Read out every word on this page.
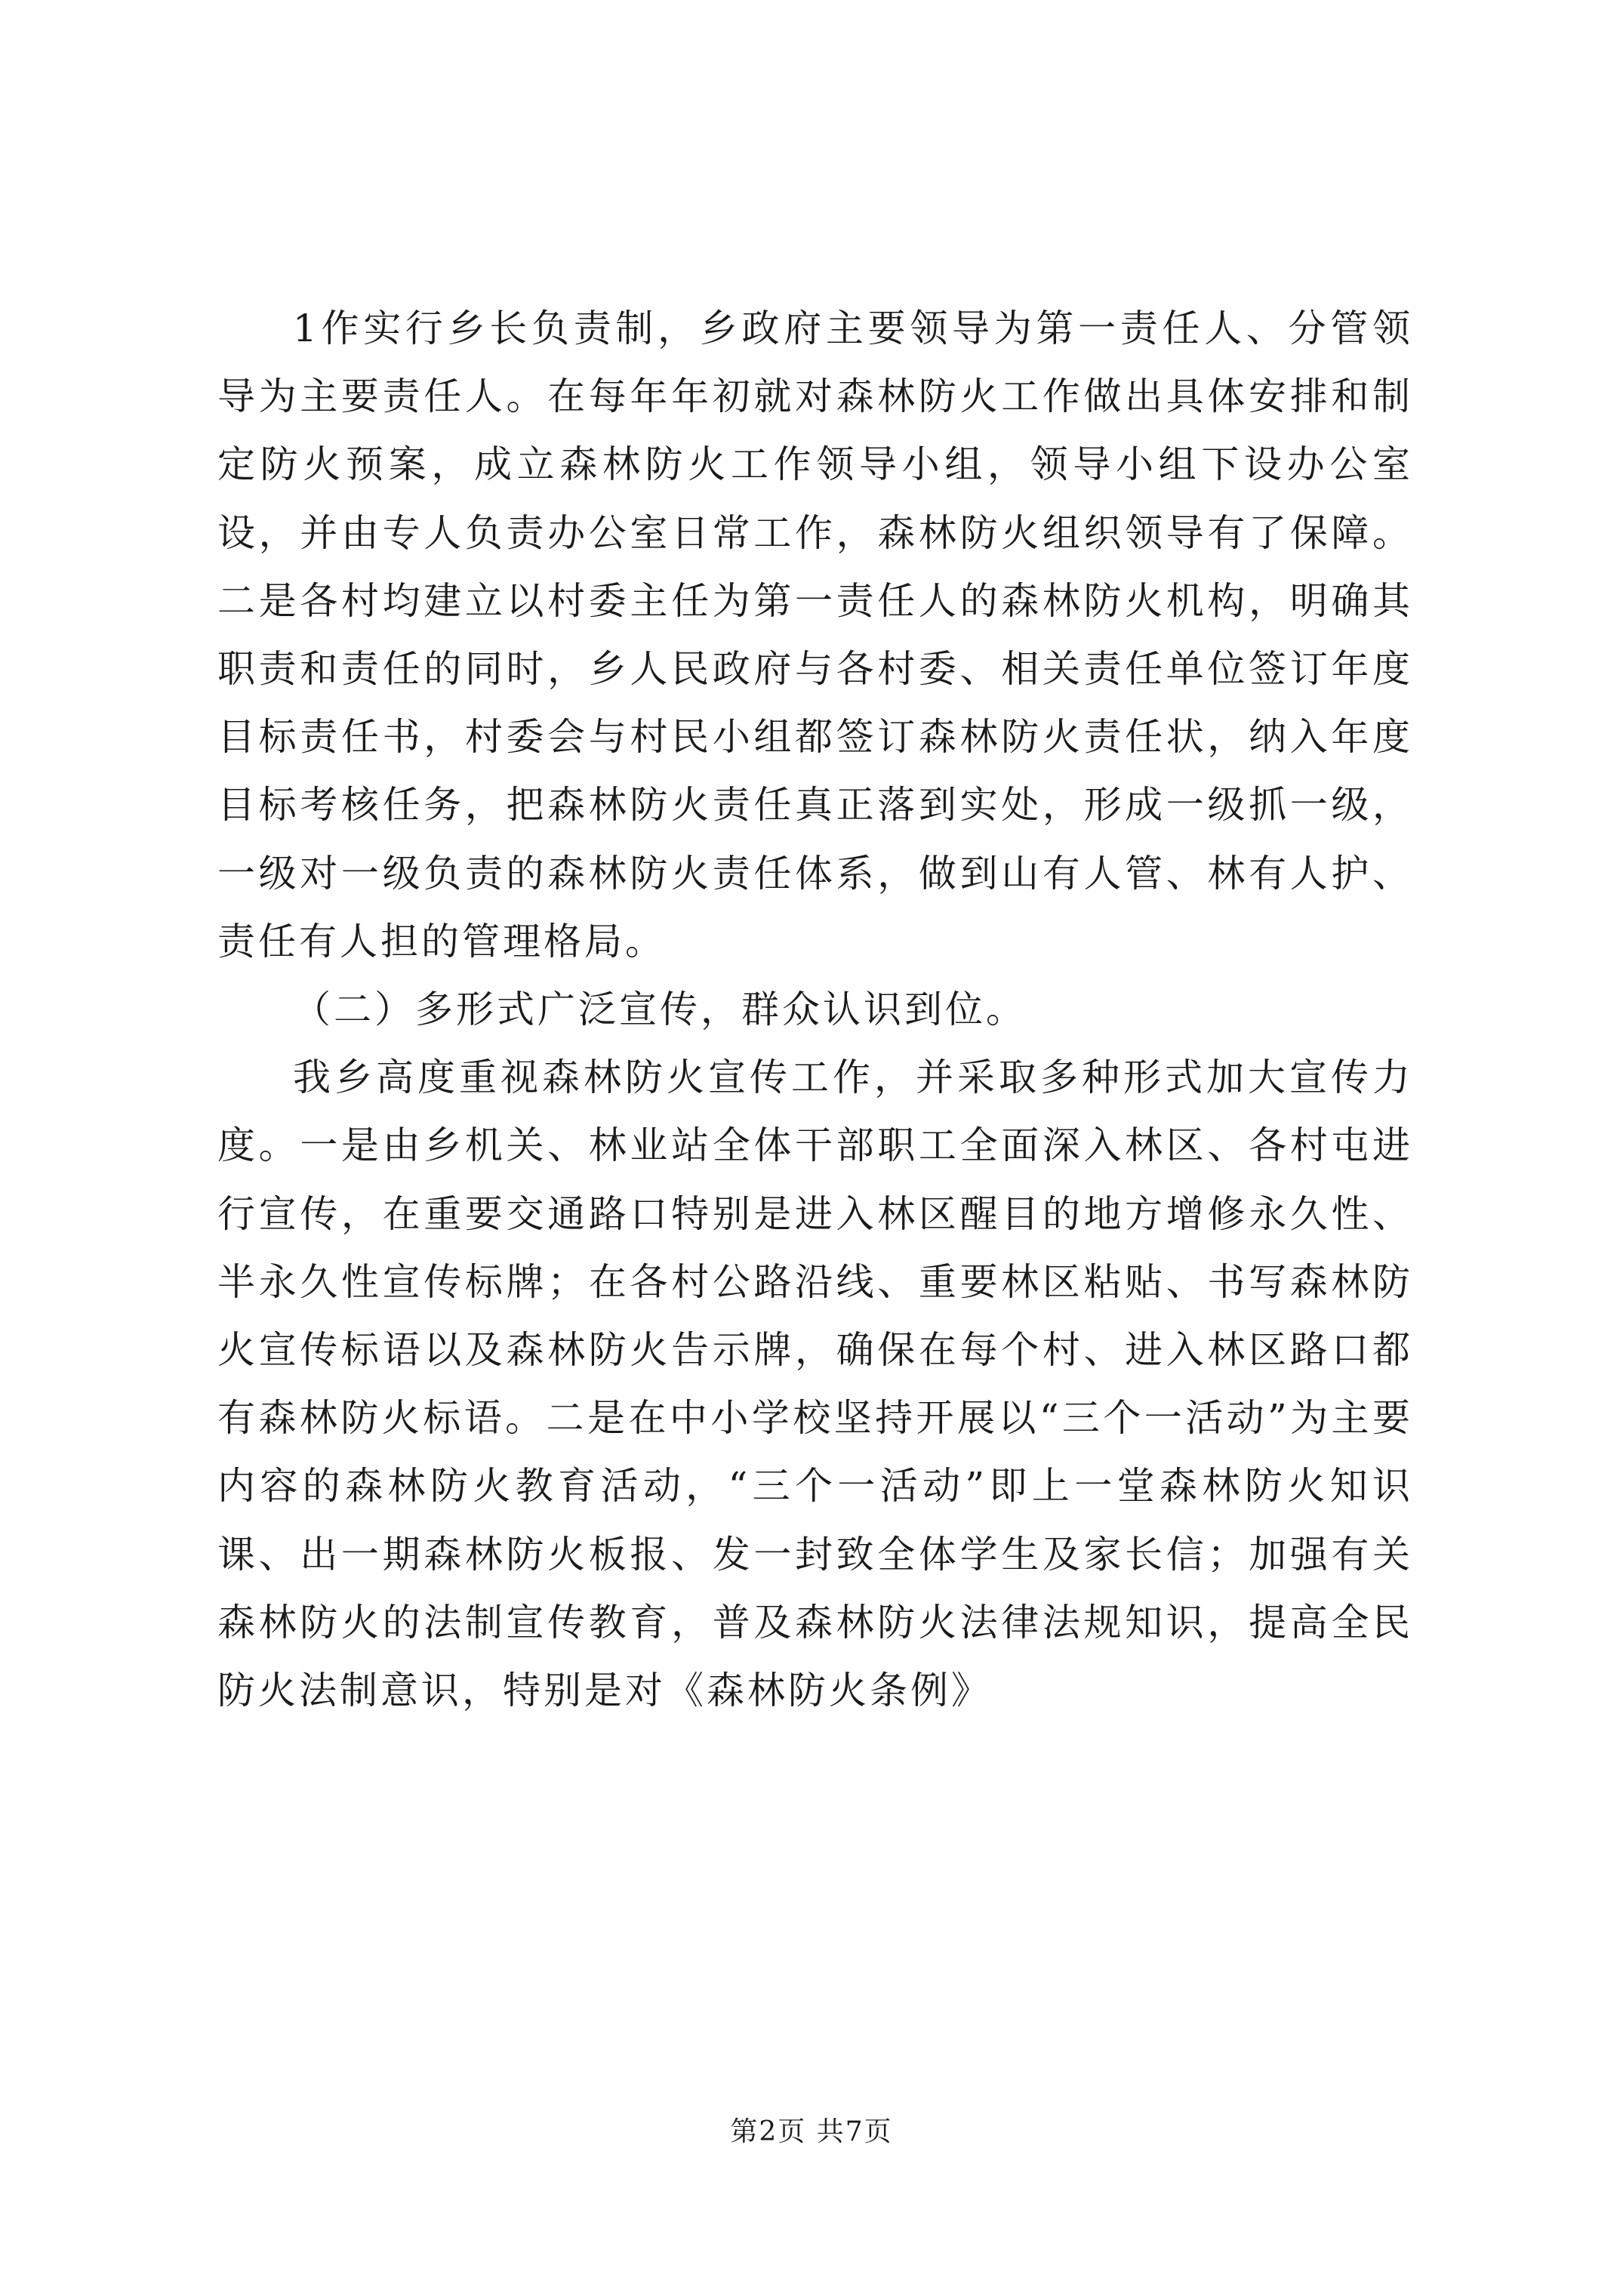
1作实行乡长负责制，乡政府主要领导为第一责任人、分管领导为主要责任人。在每年年初就对森林防火工作做出具体安排和制定防火预案，成立森林防火工作领导小组，领导小组下设办公室设，并由专人负责办公室日常工作，森林防火组织领导有了保障。二是各村均建立以村委主任为第一责任人的森林防火机构，明确其职责和责任的同时，乡人民政府与各村委、相关责任单位签订年度目标责任书，村委会与村民小组都签订森林防火责任状，纳入年度目标考核任务，把森林防火责任真正落到实处，形成一级抓一级，一级对一级负责的森林防火责任体系，做到山有人管、林有人护、责任有人担的管理格局。

（二）多形式广泛宣传，群众认识到位。

我乡高度重视森林防火宣传工作，并采取多种形式加大宣传力度。一是由乡机关、林业站全体干部职工全面深入林区、各村屯进行宣传，在重要交通路口特别是进入林区醒目的地方增修永久性、半永久性宣传标牌；在各村公路沿线、重要林区粘贴、书写森林防火宣传标语以及森林防火告示牌，确保在每个村、进入林区路口都有森林防火标语。二是在中小学校坚持开展以“三个一活动”为主要内容的森林防火教育活动，“三个一活动”即上一堂森林防火知识课、出一期森林防火板报、发一封致全体学生及家长信；加强有关森林防火的法制宣传教育，普及森林防火法律法规知识，提高全民防火法制意识，特别是对《森林防火条例》

第2页 共7页
